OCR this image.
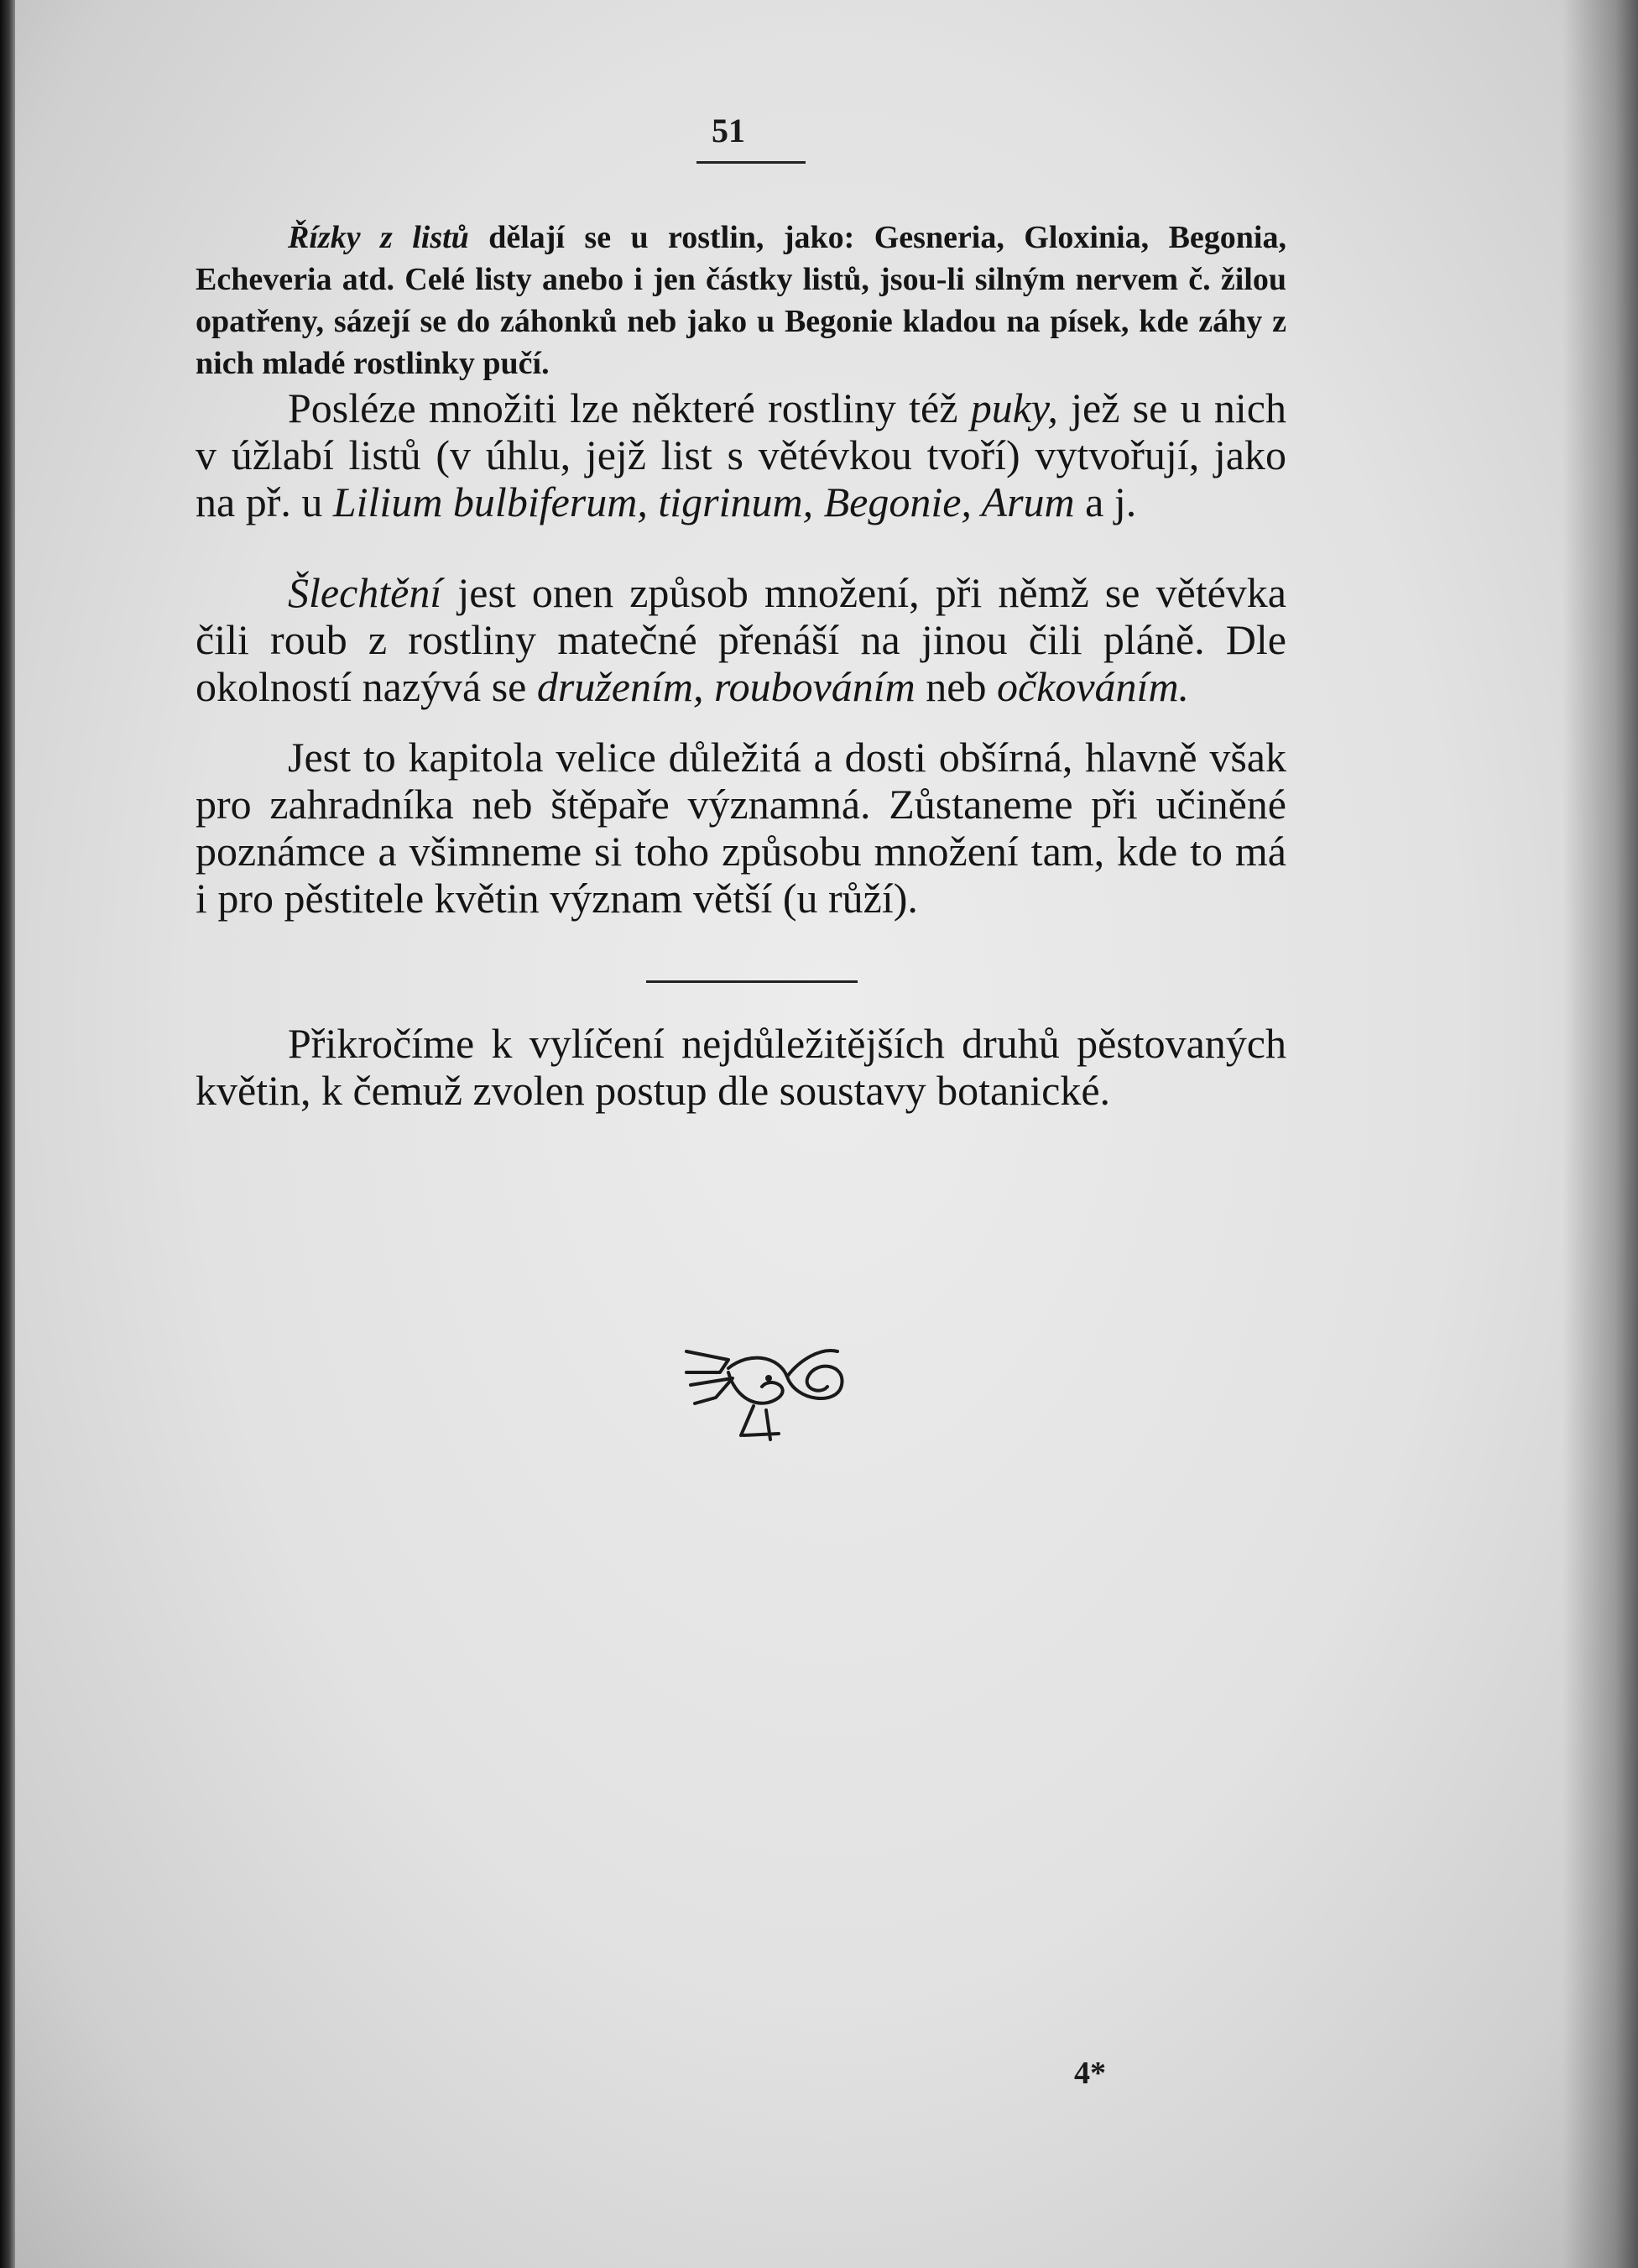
51

Řízky z listů dělají se u rostlin, jako: Gesneria, Gloxinia, Begonia, Echeveria atd. Celé listy anebo i jen částky listů, jsou-li silným nervem č. žilou opatřeny, sázejí se do záhonků neb jako u Begonie kladou na písek, kde záhy z nich mladé rostlinky pučí.

Posléze množiti lze některé rostliny též puky, jež se u nich v úžlabí listů (v úhlu, jejž list s větévkou tvoří) vytvořují, jako na př. u Lilium bulbiferum, tigrinum, Begonie, Arum a j.

Šlechtění jest onen způsob množení, při němž se větévka čili roub z rostliny matečné přenáší na jinou čili pláně. Dle okolností nazývá se družením, roubováním neb očkováním.

Jest to kapitola velice důležitá a dosti obšírná, hlavně však pro zahradníka neb štěpaře významná. Zůstaneme při učiněné poznámce a všimneme si toho způsobu množení tam, kde to má i pro pěstitele květin význam větší (u růží).

Přikročíme k vylíčení nejdůležitějších druhů pěstovaných květin, k čemuž zvolen postup dle soustavy botanické.

4*
